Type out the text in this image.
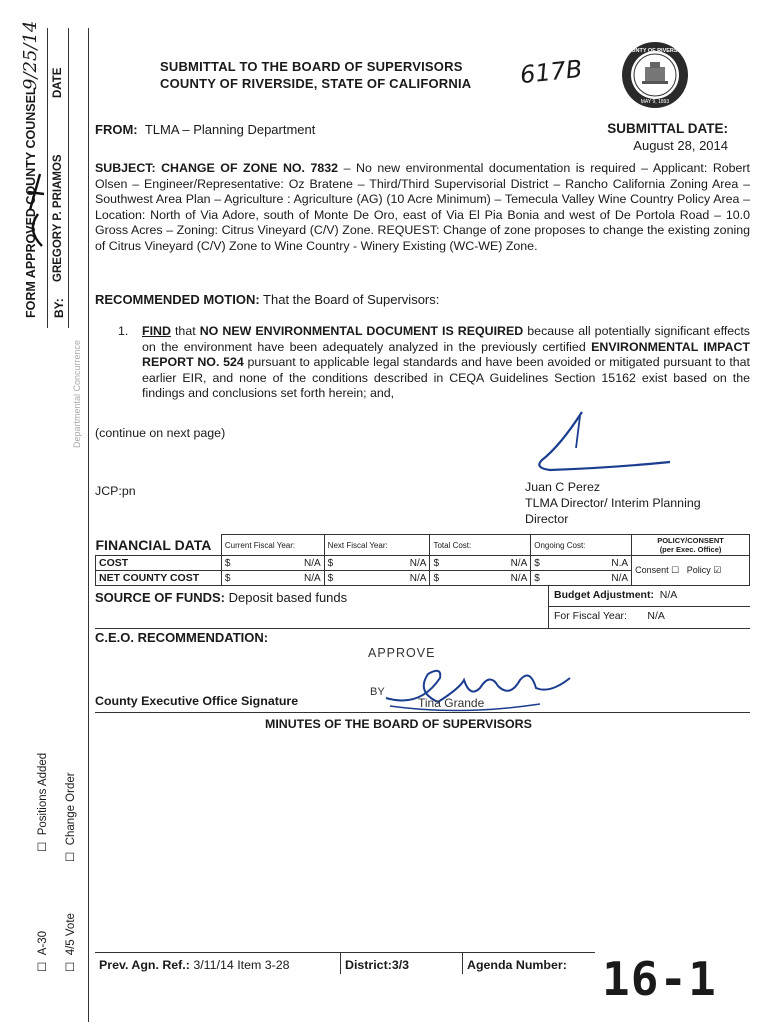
FORM APPROVED COUNTY COUNSEL BY:
GREGORY P. PRIAMOS
DATE
9/25/14
Departmental Concurrence
☐  A-30
☐  Positions Added
☐  4/5 Vote
☐  Change Order
SUBMITTAL TO THE BOARD OF SUPERVISORS
COUNTY OF RIVERSIDE, STATE OF CALIFORNIA 617B
COUNTY OF RIVERSIDE
MAY 9, 1893
FROM: TLMA – Planning Department	SUBMITTAL DATE:
August 28, 2014
SUBJECT: CHANGE OF ZONE NO. 7832 – No new environmental documentation is required – Applicant: Robert Olsen – Engineer/Representative: Oz Bratene – Third/Third Supervisorial District – Rancho California Zoning Area – Southwest Area Plan – Agriculture : Agriculture (AG) (10 Acre Minimum) – Temecula Valley Wine Country Policy Area – Location: North of Via Adore, south of Monte De Oro, east of Via El Pia Bonia and west of De Portola Road – 10.0 Gross Acres – Zoning: Citrus Vineyard (C/V) Zone. REQUEST: Change of zone proposes to change the existing zoning of Citrus Vineyard (C/V) Zone to Wine Country - Winery Existing (WC-WE) Zone.
RECOMMENDED MOTION: That the Board of Supervisors:
1. FIND that NO NEW ENVIRONMENTAL DOCUMENT IS REQUIRED because all potentially significant effects on the environment have been adequately analyzed in the previously certified ENVIRONMENTAL IMPACT REPORT NO. 524 pursuant to applicable legal standards and have been avoided or mitigated pursuant to that earlier EIR, and none of the conditions described in CEQA Guidelines Section 15162 exist based on the findings and conclusions set forth herein; and,
(continue on next page)
JCP:pn	Juan C Perez
TLMA Director/ Interim Planning
Director
FINANCIAL DATA	Current Fiscal Year:	Next Fiscal Year:	Total Cost:	Ongoing Cost:	POLICY/CONSENT
(per Exec. Office)
COST	$ N/A	$ N/A	$ N/A	$ N.A	Consent ☐ Policy ☑
NET COUNTY COST	$ N/A	$ N/A	$ N/A	$ N/A	
SOURCE OF FUNDS: Deposit based funds	Budget Adjustment: N/A
For Fiscal Year: N/A
C.E.O. RECOMMENDATION:
APPROVE
BY
Tina Grande
County Executive Office Signature
MINUTES OF THE BOARD OF SUPERVISORS
Prev. Agn. Ref.: 3/11/14 Item 3-28	District:3/3	Agenda Number: 16-1
